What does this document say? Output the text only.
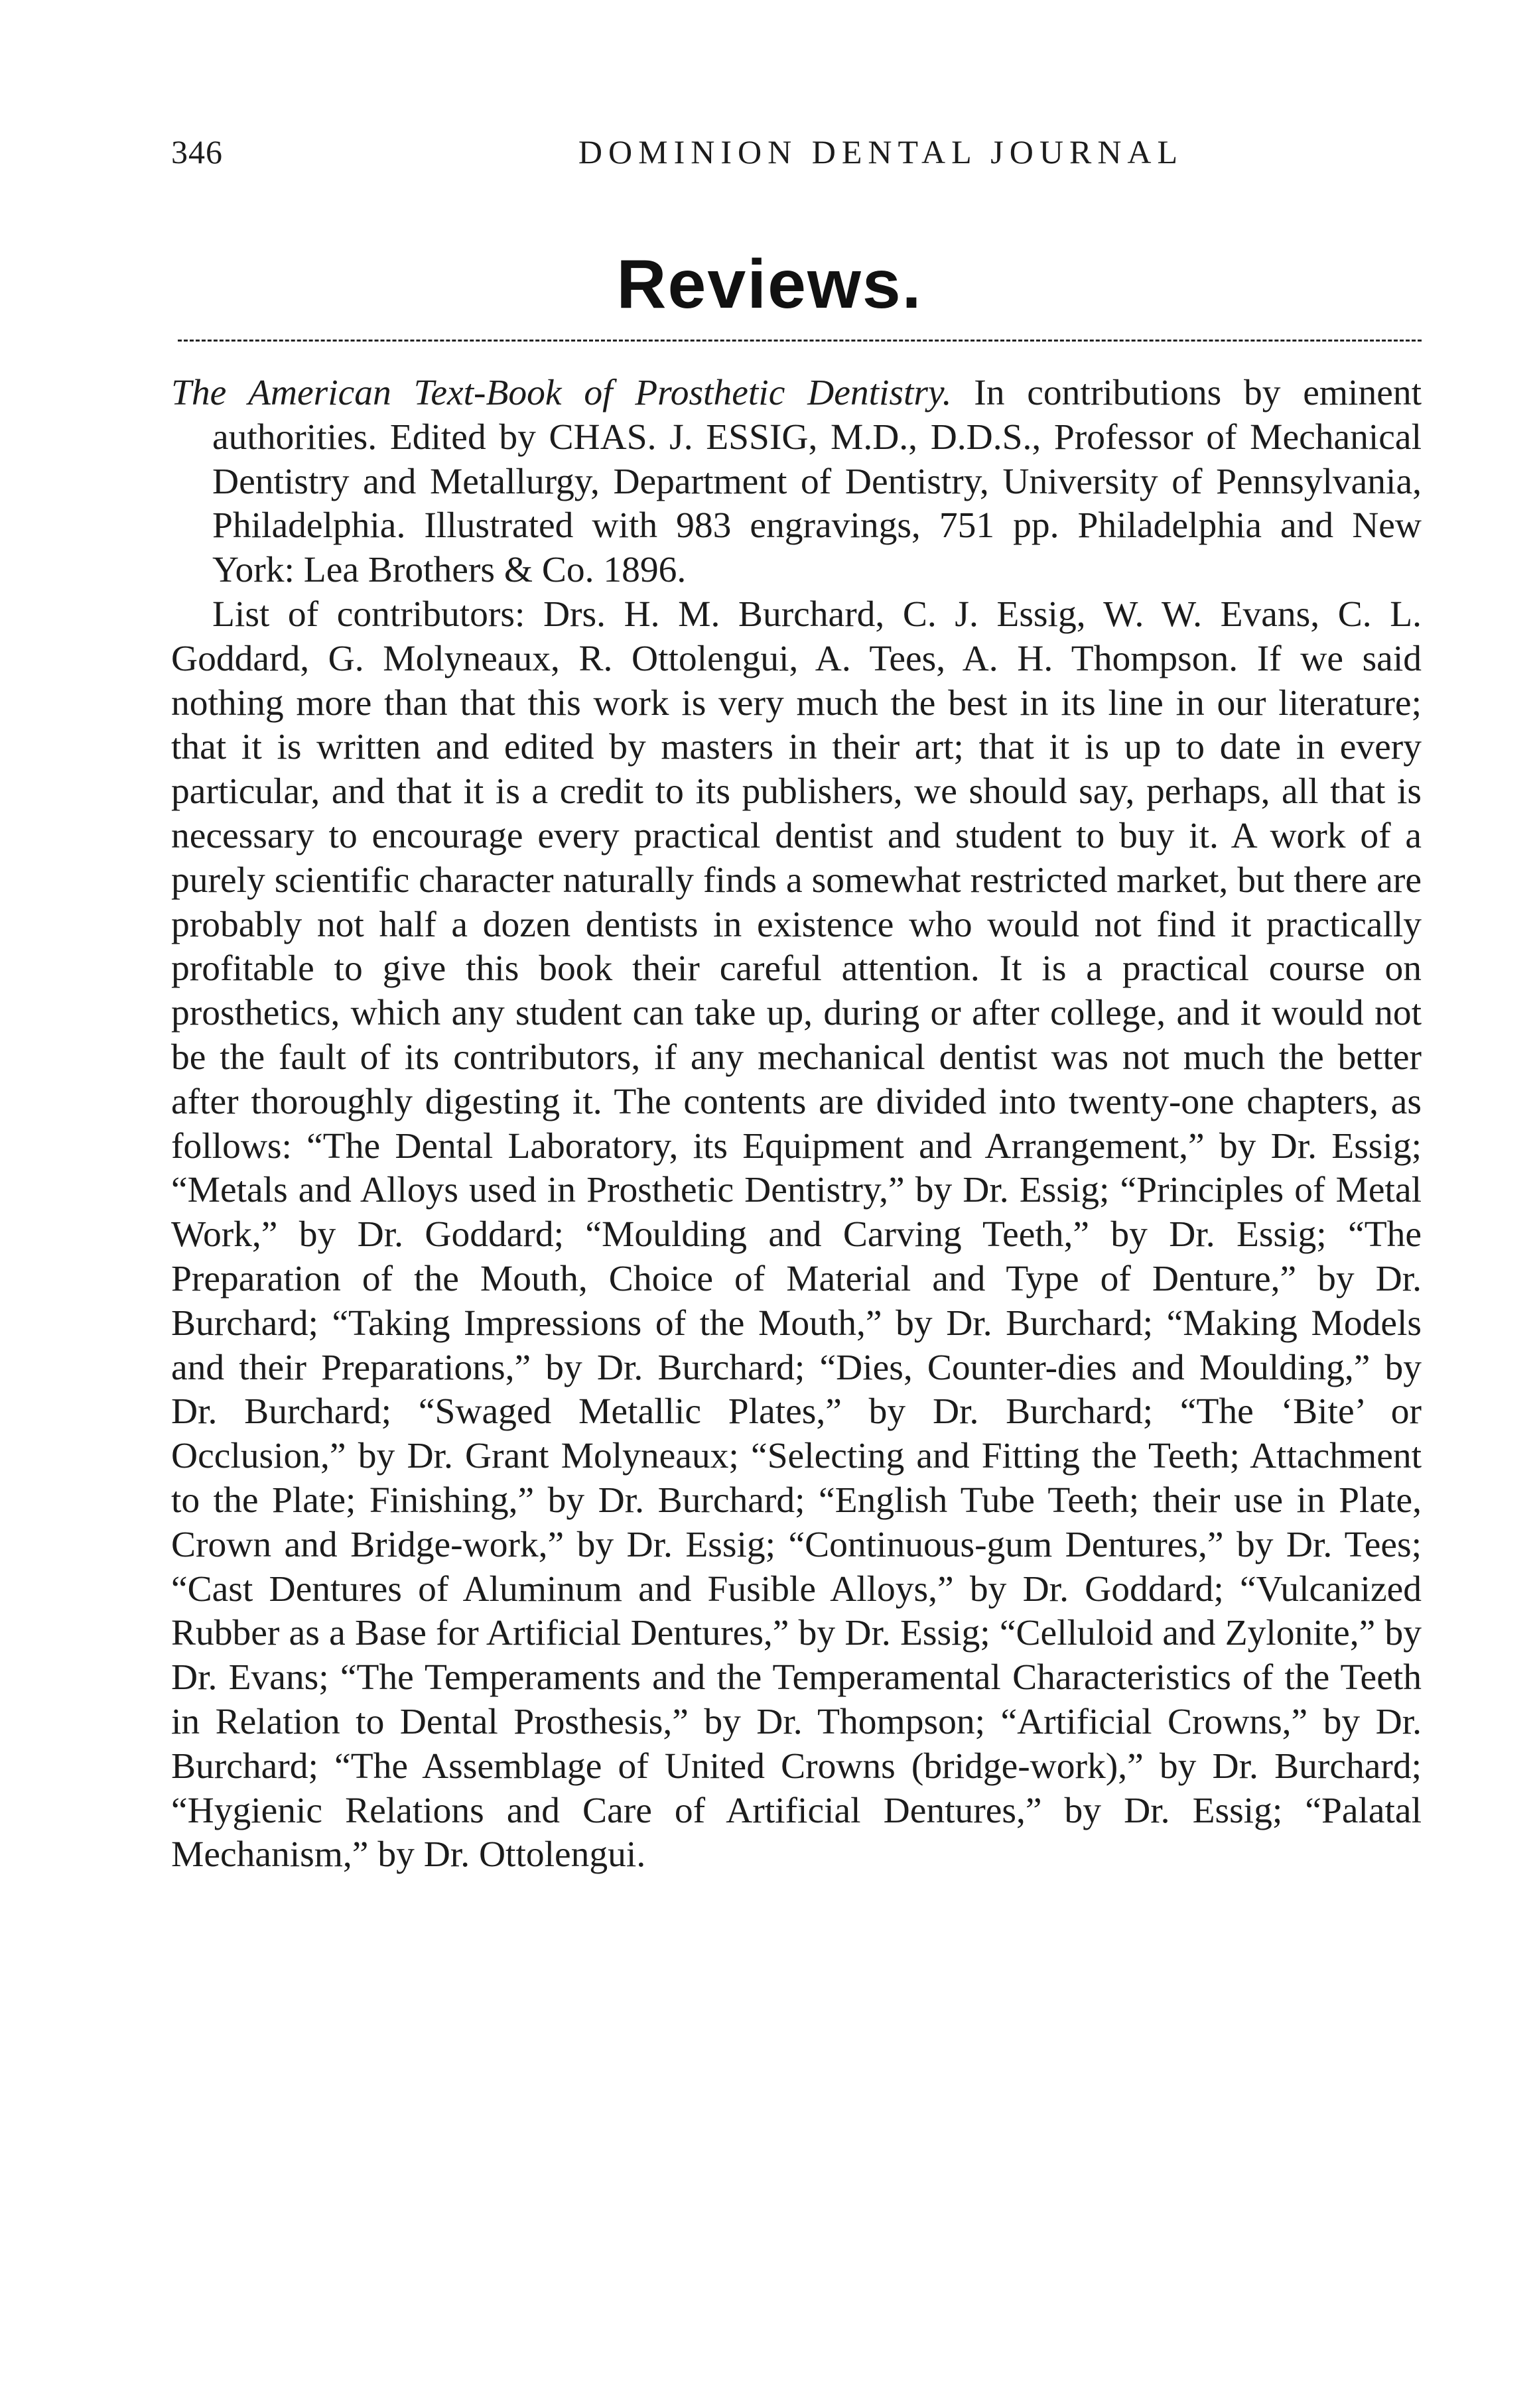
346	DOMINION DENTAL JOURNAL
Reviews.

The American Text-Book of Prosthetic Dentistry. In contributions by eminent authorities. Edited by CHAS. J. ESSIG, M.D., D.D.S., Professor of Mechanical Dentistry and Metallurgy, Department of Dentistry, University of Pennsylvania, Philadelphia. Illustrated with 983 engravings, 751 pp. Philadelphia and New York: Lea Brothers & Co. 1896.

List of contributors: Drs. H. M. Burchard, C. J. Essig, W. W. Evans, C. L. Goddard, G. Molyneaux, R. Ottolengui, A. Tees, A. H. Thompson. If we said nothing more than that this work is very much the best in its line in our literature; that it is written and edited by masters in their art; that it is up to date in every particular, and that it is a credit to its publishers, we should say, perhaps, all that is necessary to encourage every practical dentist and student to buy it. A work of a purely scientific character naturally finds a somewhat restricted market, but there are probably not half a dozen dentists in existence who would not find it practically profitable to give this book their careful attention. It is a practical course on prosthetics, which any student can take up, during or after college, and it would not be the fault of its contributors, if any mechanical dentist was not much the better after thoroughly digesting it. The contents are divided into twenty-one chapters, as follows: “The Dental Laboratory, its Equipment and Arrangement,” by Dr. Essig; “Metals and Alloys used in Prosthetic Dentistry,” by Dr. Essig; “Principles of Metal Work,” by Dr. Goddard; “Moulding and Carving Teeth,” by Dr. Essig; “The Preparation of the Mouth, Choice of Material and Type of Denture,” by Dr. Burchard; “Taking Impressions of the Mouth,” by Dr. Burchard; “Making Models and their Preparations,” by Dr. Burchard; “Dies, Counter-dies and Moulding,” by Dr. Burchard; “Swaged Metallic Plates,” by Dr. Burchard; “The ‘Bite’ or Occlusion,” by Dr. Grant Molyneaux; “Selecting and Fitting the Teeth; Attachment to the Plate; Finishing,” by Dr. Burchard; “English Tube Teeth; their use in Plate, Crown and Bridge-work,” by Dr. Essig; “Continuous-gum Dentures,” by Dr. Tees; “Cast Dentures of Aluminum and Fusible Alloys,” by Dr. Goddard; “Vulcanized Rubber as a Base for Artificial Dentures,” by Dr. Essig; “Celluloid and Zylonite,” by Dr. Evans; “The Temperaments and the Temperamental Characteristics of the Teeth in Relation to Dental Prosthesis,” by Dr. Thompson; “Artificial Crowns,” by Dr. Burchard; “The Assemblage of United Crowns (bridge-work),” by Dr. Burchard; “Hygienic Relations and Care of Artificial Dentures,” by Dr. Essig; “Palatal Mechanism,” by Dr. Ottolengui.
